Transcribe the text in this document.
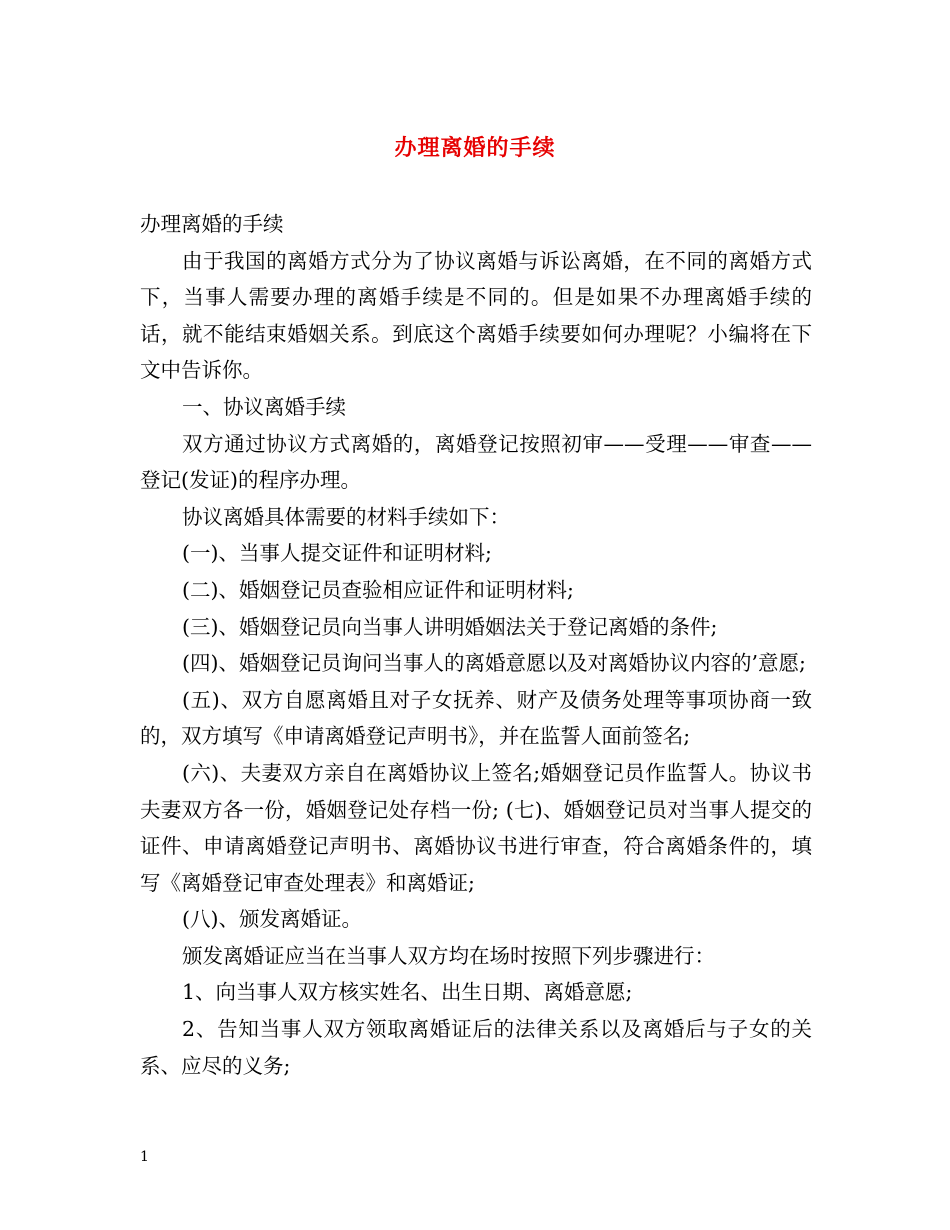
办理离婚的手续

办理离婚的手续

由于我国的离婚方式分为了协议离婚与诉讼离婚，在不同的离婚方式下，当事人需要办理的离婚手续是不同的。但是如果不办理离婚手续的话，就不能结束婚姻关系。到底这个离婚手续要如何办理呢？小编将在下文中告诉你。

一、协议离婚手续

双方通过协议方式离婚的，离婚登记按照初审——受理——审查——登记(发证)的程序办理。

协议离婚具体需要的材料手续如下：

(一)、当事人提交证件和证明材料;

(二)、婚姻登记员查验相应证件和证明材料;

(三)、婚姻登记员向当事人讲明婚姻法关于登记离婚的条件;

(四)、婚姻登记员询问当事人的离婚意愿以及对离婚协议内容的’意愿;

(五)、双方自愿离婚且对子女抚养、财产及债务处理等事项协商一致的，双方填写《申请离婚登记声明书》，并在监誓人面前签名;

(六)、夫妻双方亲自在离婚协议上签名;婚姻登记员作监誓人。协议书夫妻双方各一份，婚姻登记处存档一份; (七)、婚姻登记员对当事人提交的证件、申请离婚登记声明书、离婚协议书进行审查，符合离婚条件的，填写《离婚登记审查处理表》和离婚证;

(八)、颁发离婚证。

颁发离婚证应当在当事人双方均在场时按照下列步骤进行：

1、向当事人双方核实姓名、出生日期、离婚意愿;

2、告知当事人双方领取离婚证后的法律关系以及离婚后与子女的关系、应尽的义务;

1
